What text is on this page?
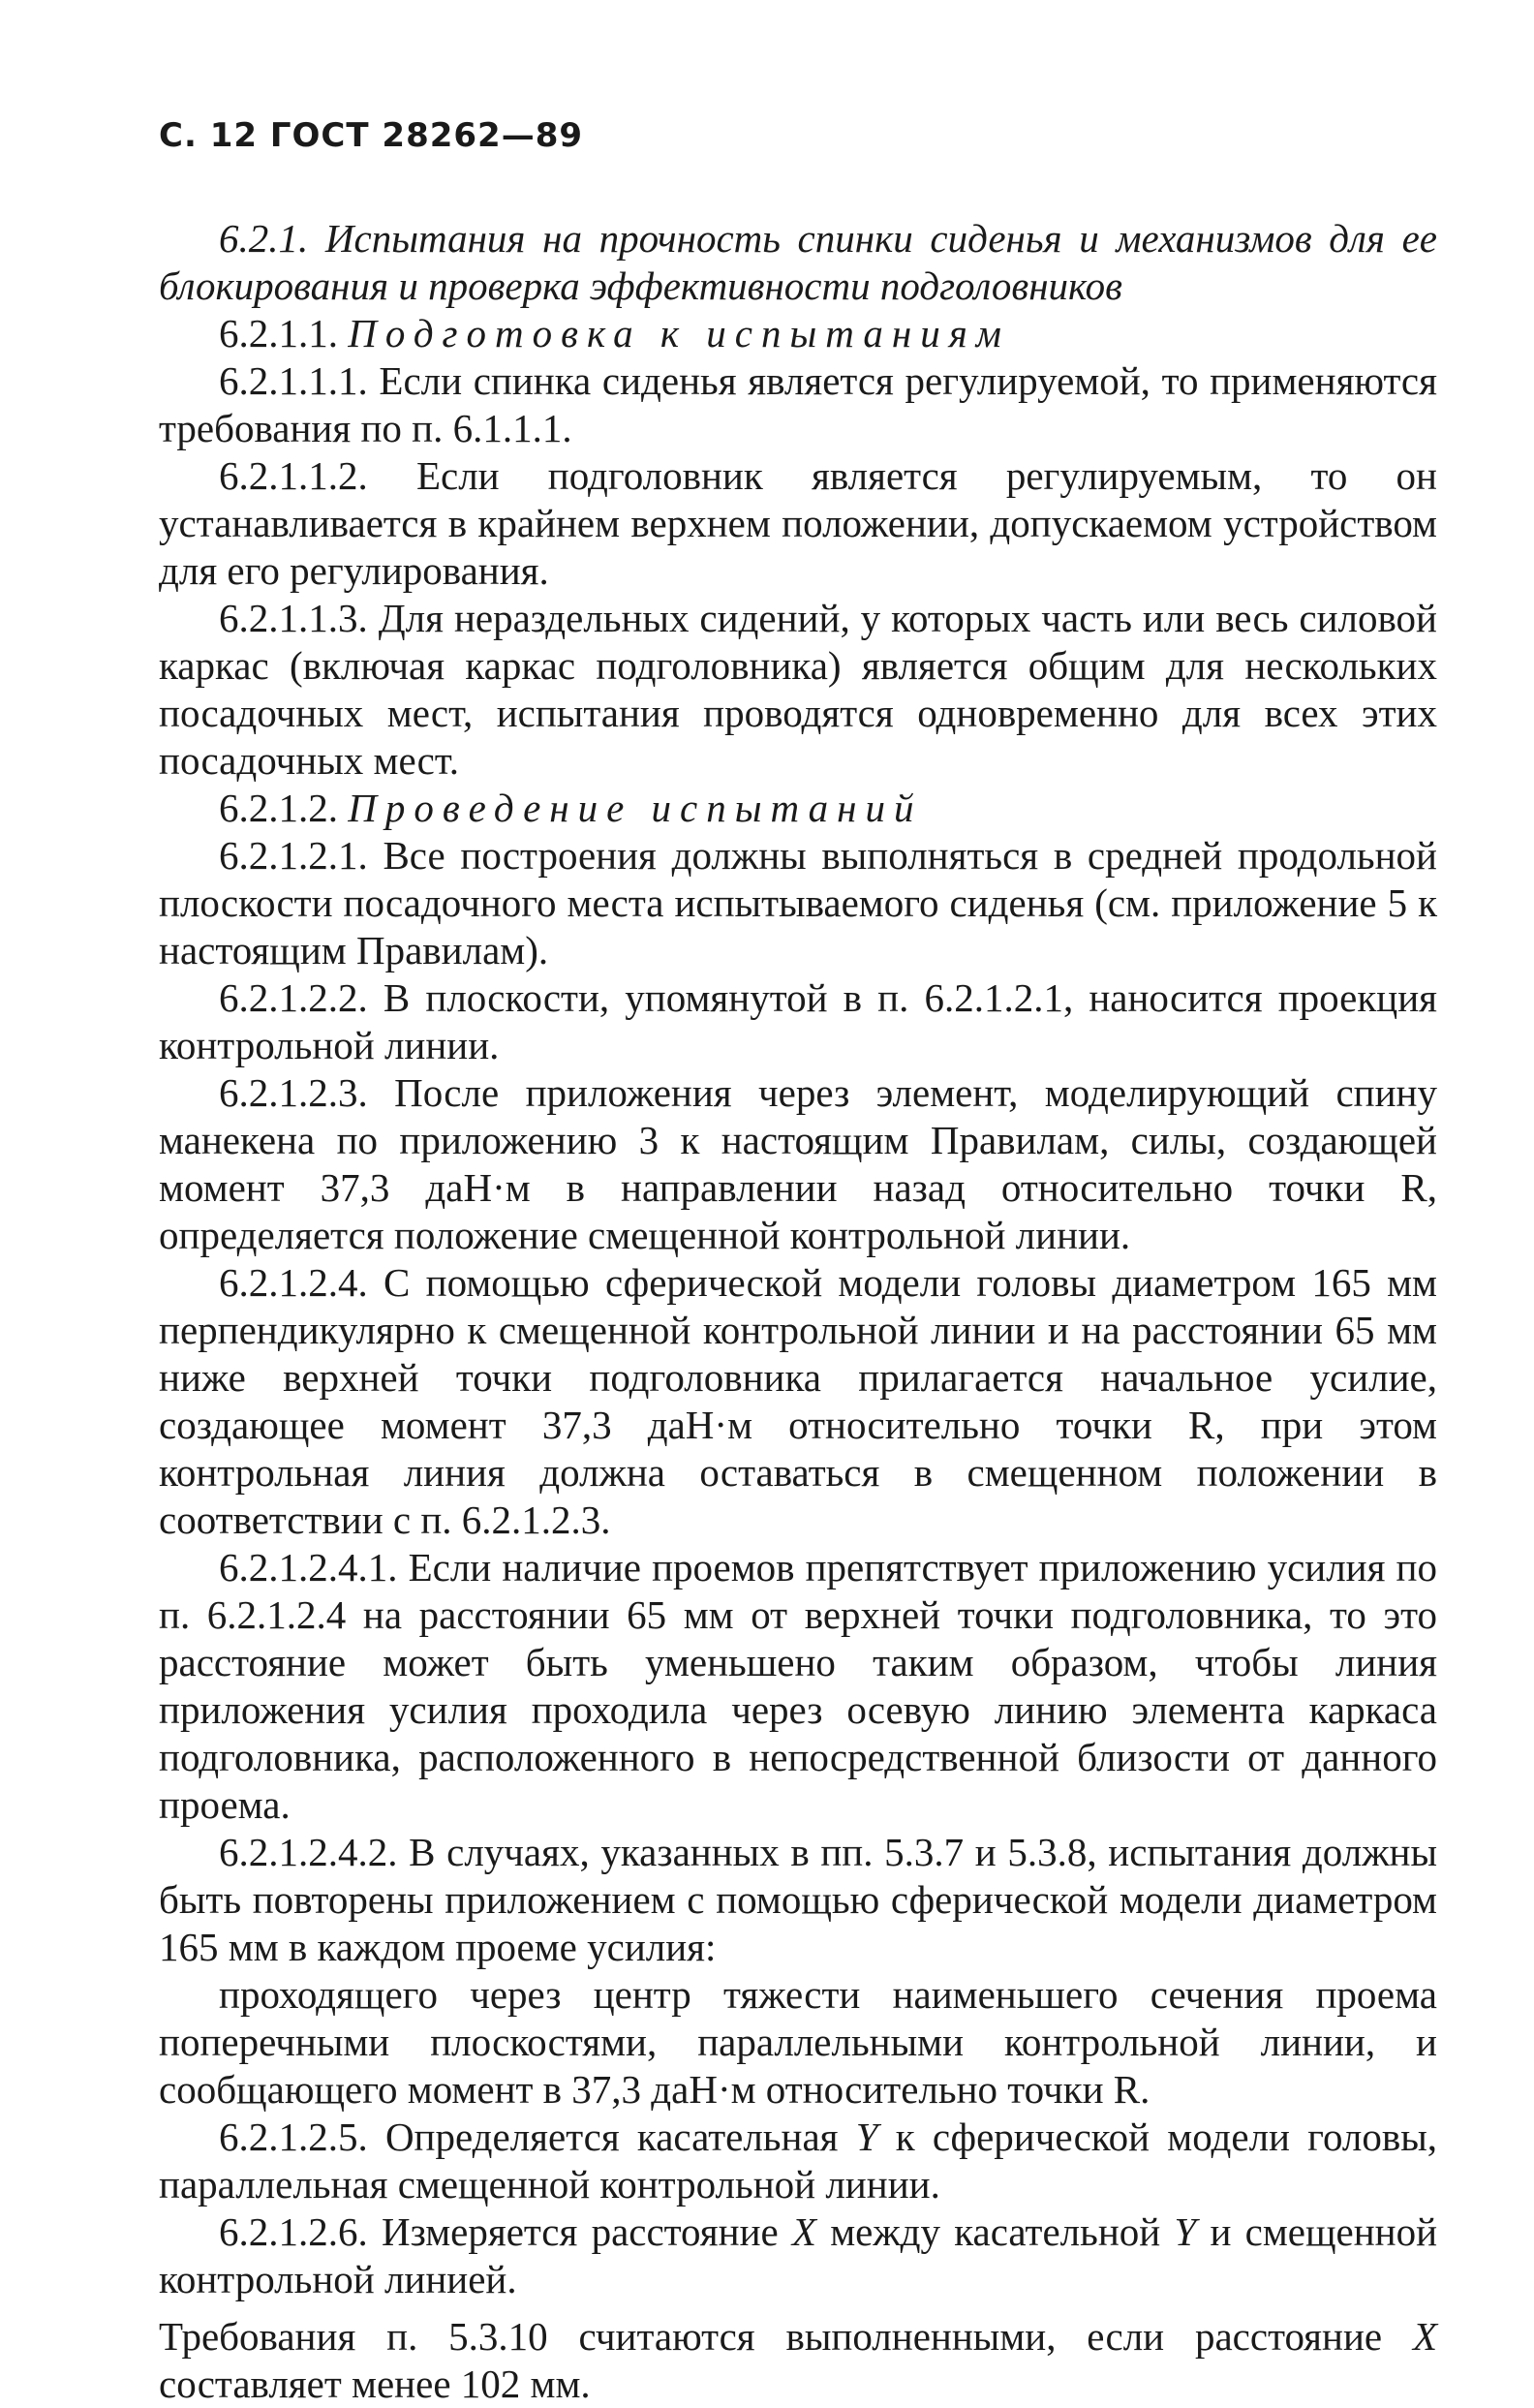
С. 12 ГОСТ 28262—89

6.2.1. Испытания на прочность спинки сиденья и механизмов для ее блокирования и проверка эффективности подголовников

6.2.1.1. Подготовка к испытаниям

6.2.1.1.1. Если спинка сиденья является регулируемой, то применяются требования по п. 6.1.1.1.

6.2.1.1.2. Если подголовник является регулируемым, то он устанавливается в крайнем верхнем положении, допускаемом устройством для его регулирования.

6.2.1.1.3. Для нераздельных сидений, у которых часть или весь силовой каркас (включая каркас подголовника) является общим для нескольких посадочных мест, испытания проводятся одновременно для всех этих посадочных мест.

6.2.1.2. Проведение испытаний

6.2.1.2.1. Все построения должны выполняться в средней продольной плоскости посадочного места испытываемого сиденья (см. приложение 5 к настоящим Правилам).

6.2.1.2.2. В плоскости, упомянутой в п. 6.2.1.2.1, наносится проекция контрольной линии.

6.2.1.2.3. После приложения через элемент, моделирующий спину манекена по приложению 3 к настоящим Правилам, силы, создающей момент 37,3 даН·м в направлении назад относительно точки R, определяется положение смещенной контрольной линии.

6.2.1.2.4. С помощью сферической модели головы диаметром 165 мм перпендикулярно к смещенной контрольной линии и на расстоянии 65 мм ниже верхней точки подголовника прилагается начальное усилие, создающее момент 37,3 даН·м относительно точки R, при этом контрольная линия должна оставаться в смещенном положении в соответствии с п. 6.2.1.2.3.

6.2.1.2.4.1. Если наличие проемов препятствует приложению усилия по п. 6.2.1.2.4 на расстоянии 65 мм от верхней точки подголовника, то это расстояние может быть уменьшено таким образом, чтобы линия приложения усилия проходила через осевую линию элемента каркаса подголовника, расположенного в непосредственной близости от данного проема.

6.2.1.2.4.2. В случаях, указанных в пп. 5.3.7 и 5.3.8, испытания должны быть повторены приложением с помощью сферической модели диаметром 165 мм в каждом проеме усилия:

проходящего через центр тяжести наименьшего сечения проема поперечными плоскостями, параллельными контрольной линии, и сообщающего момент в 37,3 даН·м относительно точки R.

6.2.1.2.5. Определяется касательная Y к сферической модели головы, параллельная смещенной контрольной линии.

6.2.1.2.6. Измеряется расстояние X между касательной Y и смещенной контрольной линией.

Требования п. 5.3.10 считаются выполненными, если расстояние X составляет менее 102 мм.
